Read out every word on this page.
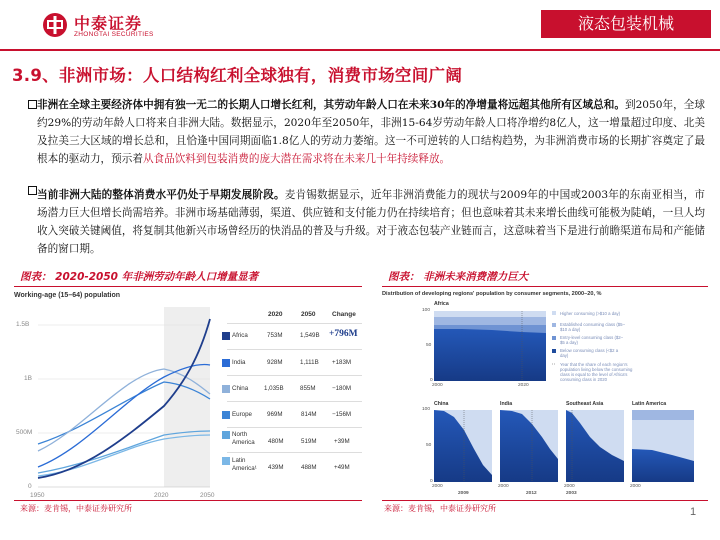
中泰证券
ZHONGTAI SECURITIES
液态包装机械
3.9、非洲市场：人口结构红利全球独有，消费市场空间广阔
非洲在全球主要经济体中拥有独一无二的长期人口增长红利，其劳动年龄人口在未来30年的净增量将远超其他所有区域总和。到2050年，全球约29%的劳动年龄人口将来自非洲大陆。数据显示，2020年至2050年，非洲15-64岁劳动年龄人口将净增约8亿人，这一增量超过印度、北美及拉美三大区域的增长总和，且恰逢中国同期面临1.8亿人的劳动力萎缩。这一不可逆转的人口结构趋势，为非洲消费市场的长期扩容奠定了最根本的驱动力，预示着从食品饮料到包装消费的庞大潜在需求将在未来几十年持续释放。
当前非洲大陆的整体消费水平仍处于早期发展阶段。麦肯锡数据显示，近年非洲消费能力的现状与2009年的中国或2003年的东南亚相当，市场潜力巨大但增长尚需培养。非洲市场基础薄弱，渠道、供应链和支付能力仍在持续培育；但也意味着其未来增长曲线可能极为陡峭，一旦人均收入突破关键阈值，将复制其他新兴市场曾经历的快消品的普及与升级。对于液态包装产业链而言，这意味着当下是进行前瞻渠道布局和产能储备的窗口期。
图表： 2020-2050 年非洲劳动年龄人口增量显著	图表： 非洲未来消费潜力巨大
Working-age (15–64) population
1.5B
1B
500M
0
1950	2020	2050
2020	2050	Change
Africa	753M	1,549B +796M
India	928M	1,111B +183M
China	1,035B	855M	−180M
Europe 969M	814M	−156M
North America	480M	519M	+39M
Latin America¹	439M	488M	+49M
Distribution of developing regions' population by consumer segments, 2000–20, %
Africa
100
50
0
2000	2020
Higher consuming (>$10 a day)
Established consuming class ($5–$10 a day)
Entry-level consuming class ($2–$5 a day)
Below consuming class (<$2 a day)
Year that the share of each region's population living below the consuming class is equal to the level of Africa's consuming class in 2020
China	India	Southeast Asia	Latin America
100
50
0
2000	2000	2000	2000
2009	2012	2003
来源：麦肯锡，中泰证券研究所	来源：麦肯锡，中泰证券研究所	1
